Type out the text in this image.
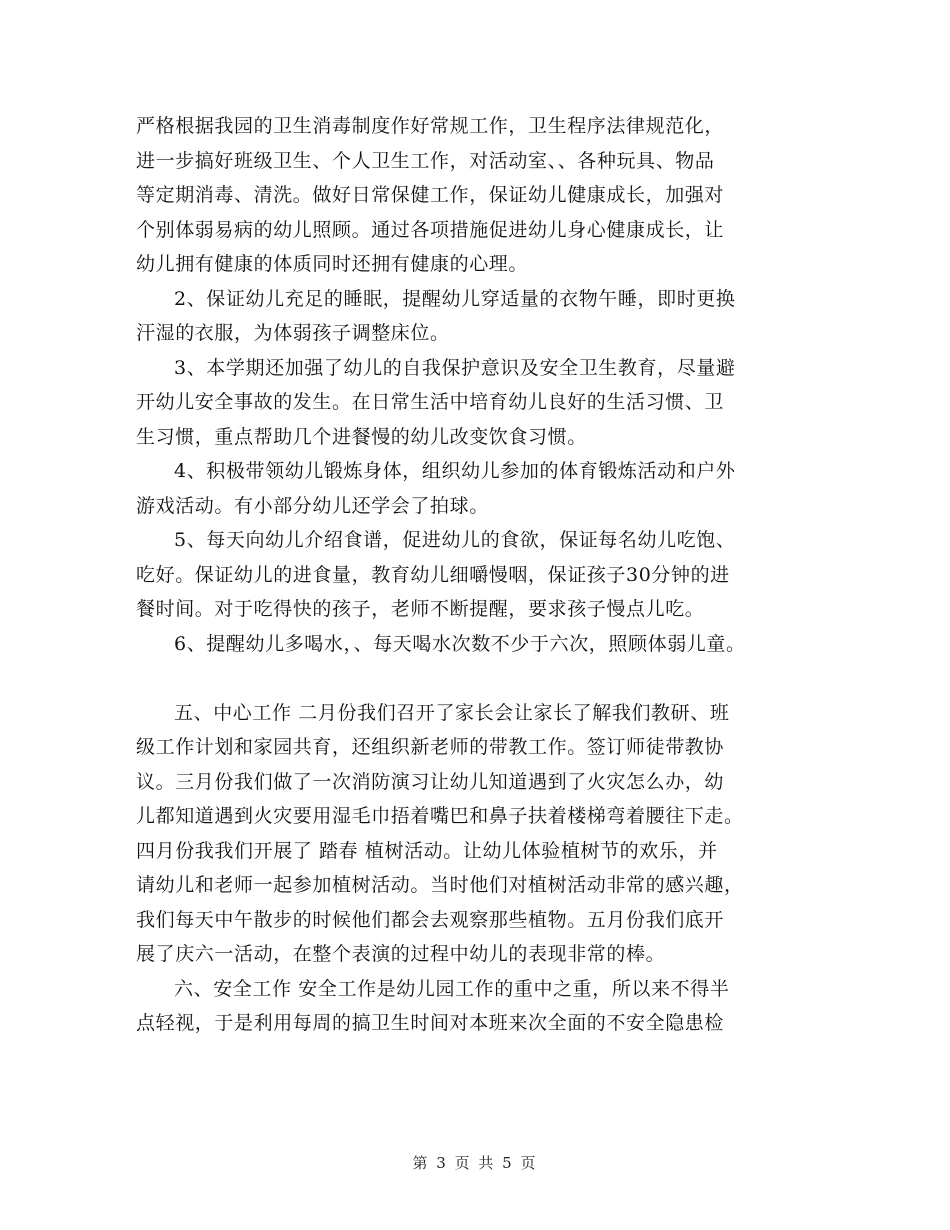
严格根据我园的卫生消毒制度作好常规工作，卫生程序法律规范化，
进一步搞好班级卫生、个人卫生工作，对活动室、、各种玩具、物品
等定期消毒、清洗。做好日常保健工作，保证幼儿健康成长，加强对
个别体弱易病的幼儿照顾。通过各项措施促进幼儿身心健康成长，让
幼儿拥有健康的体质同时还拥有健康的心理。
2、保证幼儿充足的睡眠，提醒幼儿穿适量的衣物午睡，即时更换
汗湿的衣服，为体弱孩子调整床位。
3、本学期还加强了幼儿的自我保护意识及安全卫生教育，尽量避
开幼儿安全事故的发生。在日常生活中培育幼儿良好的生活习惯、卫
生习惯，重点帮助几个进餐慢的幼儿改变饮食习惯。
4、积极带领幼儿锻炼身体，组织幼儿参加的体育锻炼活动和户外
游戏活动。有小部分幼儿还学会了拍球。
5、每天向幼儿介绍食谱，促进幼儿的食欲，保证每名幼儿吃饱、
吃好。保证幼儿的进食量，教育幼儿细嚼慢咽，保证孩子30分钟的进
餐时间。对于吃得快的孩子，老师不断提醒，要求孩子慢点儿吃。
6、提醒幼儿多喝水，、每天喝水次数不少于六次，照顾体弱儿童。
五、中心工作 二月份我们召开了家长会让家长了解我们教研、班
级工作计划和家园共育，还组织新老师的带教工作。签订师徒带教协
议。三月份我们做了一次消防演习让幼儿知道遇到了火灾怎么办，幼
儿都知道遇到火灾要用湿毛巾捂着嘴巴和鼻子扶着楼梯弯着腰往下走。
四月份我我们开展了 踏春 植树活动。让幼儿体验植树节的欢乐，并
请幼儿和老师一起参加植树活动。当时他们对植树活动非常的感兴趣，
我们每天中午散步的时候他们都会去观察那些植物。五月份我们底开
展了庆六一活动，在整个表演的过程中幼儿的表现非常的棒。
六、安全工作 安全工作是幼儿园工作的重中之重，所以来不得半
点轻视，于是利用每周的搞卫生时间对本班来次全面的不安全隐患检
第 3 页 共 5 页
